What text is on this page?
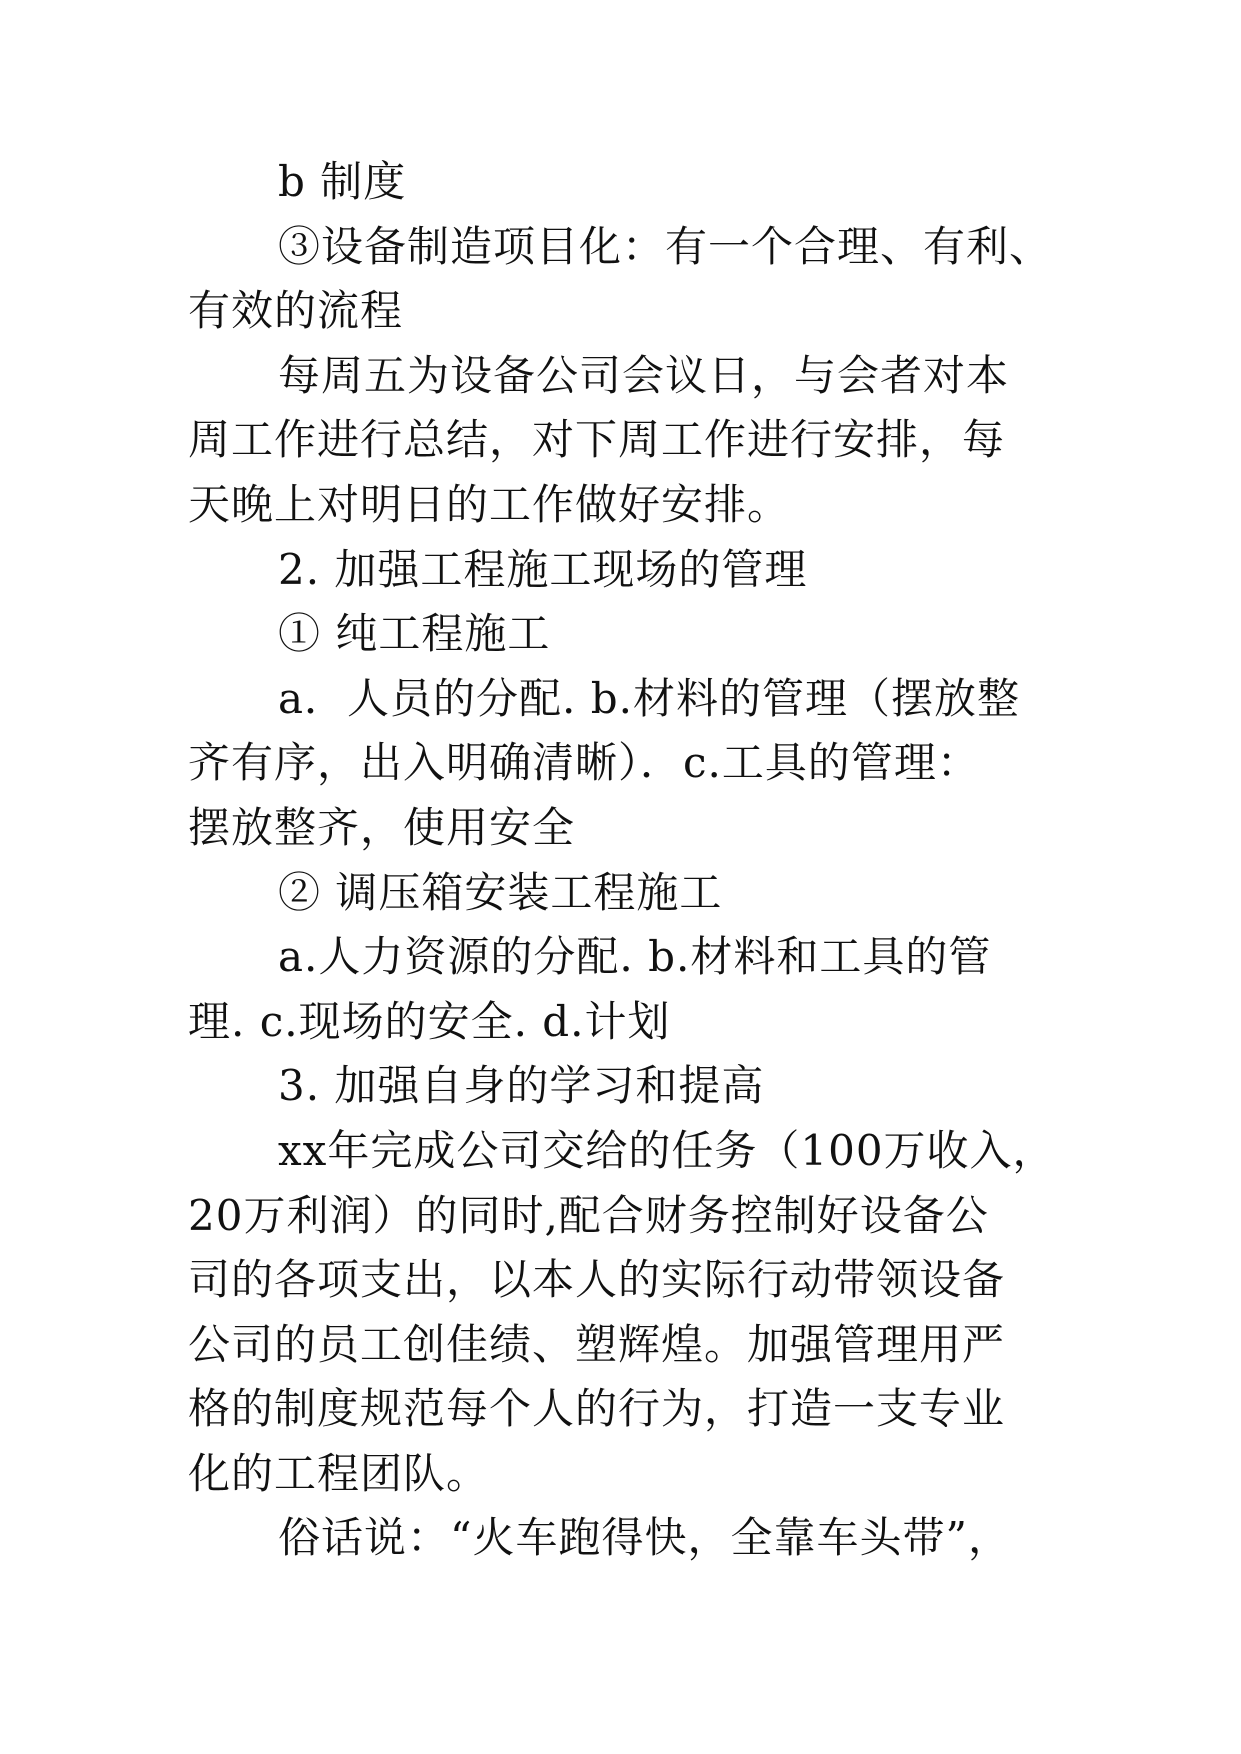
b 制度
③设备制造项目化：有一个合理、有利、
有效的流程
每周五为设备公司会议日，与会者对本
周工作进行总结，对下周工作进行安排，每
天晚上对明日的工作做好安排。
2. 加强工程施工现场的管理
① 纯工程施工
a．人员的分配. b.材料的管理（摆放整
齐有序，出入明确清晰）．c.工具的管理：
摆放整齐，使用安全
② 调压箱安装工程施工
a.人力资源的分配. b.材料和工具的管
理. c.现场的安全. d.计划
3. 加强自身的学习和提高
xx年完成公司交给的任务（100万收入，
20万利润）的同时,配合财务控制好设备公
司的各项支出，以本人的实际行动带领设备
公司的员工创佳绩、塑辉煌。加强管理用严
格的制度规范每个人的行为，打造一支专业
化的工程团队。
俗话说：“火车跑得快，全靠车头带”，
